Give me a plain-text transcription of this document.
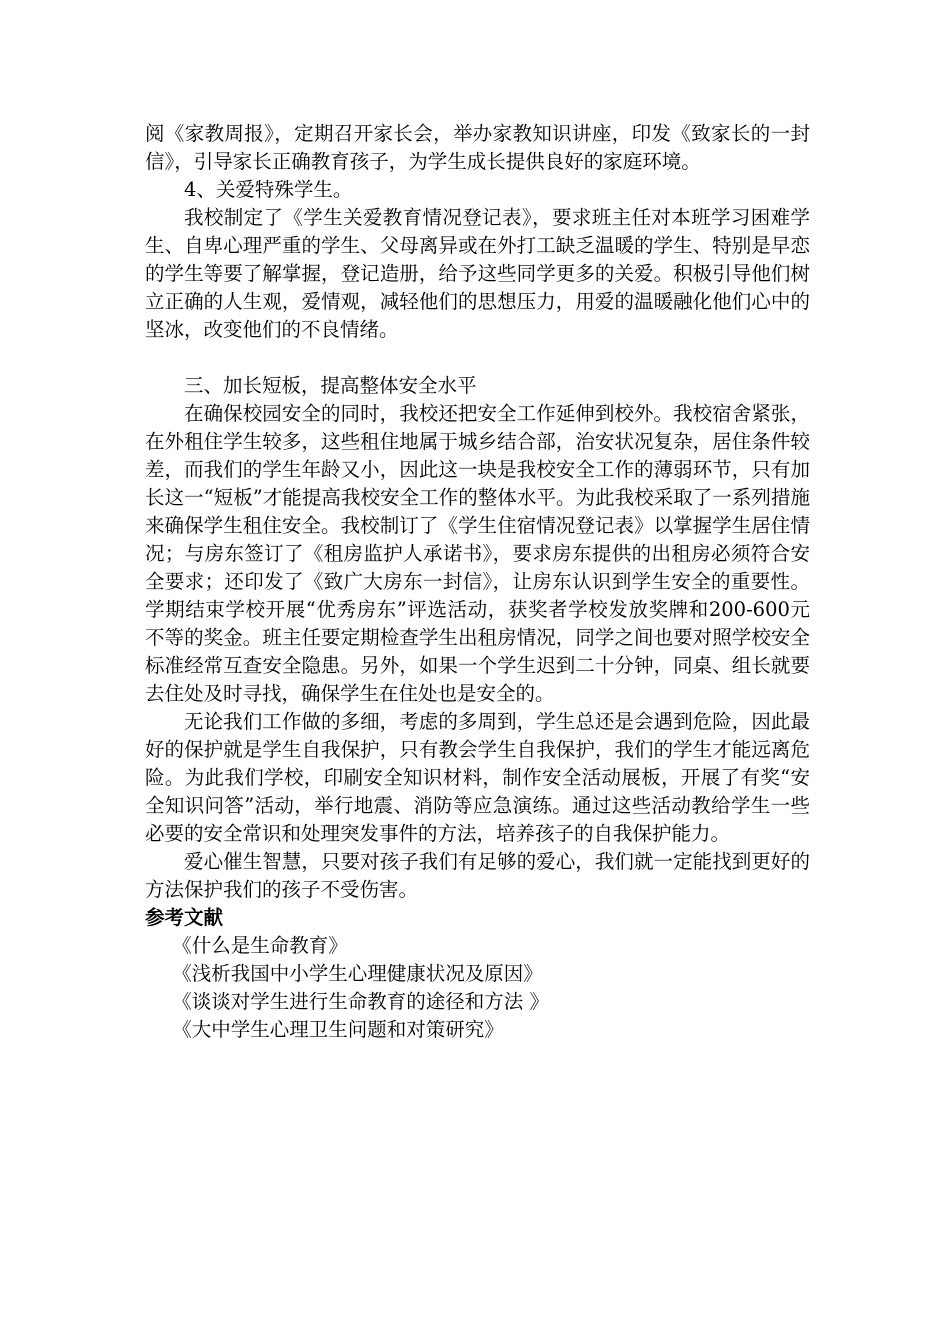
阅《家教周报》，定期召开家长会，举办家教知识讲座，印发《致家长的一封信》，引导家长正确教育孩子，为学生成长提供良好的家庭环境。

4、关爱特殊学生。

我校制定了《学生关爱教育情况登记表》，要求班主任对本班学习困难学生、自卑心理严重的学生、父母离异或在外打工缺乏温暖的学生、特别是早恋的学生等要了解掌握，登记造册，给予这些同学更多的关爱。积极引导他们树立正确的人生观，爱情观，减轻他们的思想压力，用爱的温暖融化他们心中的坚冰，改变他们的不良情绪。

三、加长短板，提高整体安全水平

在确保校园安全的同时，我校还把安全工作延伸到校外。我校宿舍紧张，在外租住学生较多，这些租住地属于城乡结合部，治安状况复杂，居住条件较差，而我们的学生年龄又小，因此这一块是我校安全工作的薄弱环节，只有加长这一“短板”才能提高我校安全工作的整体水平。为此我校采取了一系列措施来确保学生租住安全。我校制订了《学生住宿情况登记表》以掌握学生居住情况；与房东签订了《租房监护人承诺书》，要求房东提供的出租房必须符合安全要求；还印发了《致广大房东一封信》，让房东认识到学生安全的重要性。学期结束学校开展“优秀房东”评选活动，获奖者学校发放奖牌和200-600元不等的奖金。班主任要定期检查学生出租房情况，同学之间也要对照学校安全标准经常互查安全隐患。另外，如果一个学生迟到二十分钟，同桌、组长就要去住处及时寻找，确保学生在住处也是安全的。

无论我们工作做的多细，考虑的多周到，学生总还是会遇到危险，因此最好的保护就是学生自我保护，只有教会学生自我保护，我们的学生才能远离危险。为此我们学校，印刷安全知识材料，制作安全活动展板，开展了有奖“安全知识问答”活动，举行地震、消防等应急演练。通过这些活动教给学生一些必要的安全常识和处理突发事件的方法，培养孩子的自我保护能力。

爱心催生智慧，只要对孩子我们有足够的爱心，我们就一定能找到更好的方法保护我们的孩子不受伤害。

参考文献

《什么是生命教育》
《浅析我国中小学生心理健康状况及原因》
《谈谈对学生进行生命教育的途径和方法 》
《大中学生心理卫生问题和对策研究》
